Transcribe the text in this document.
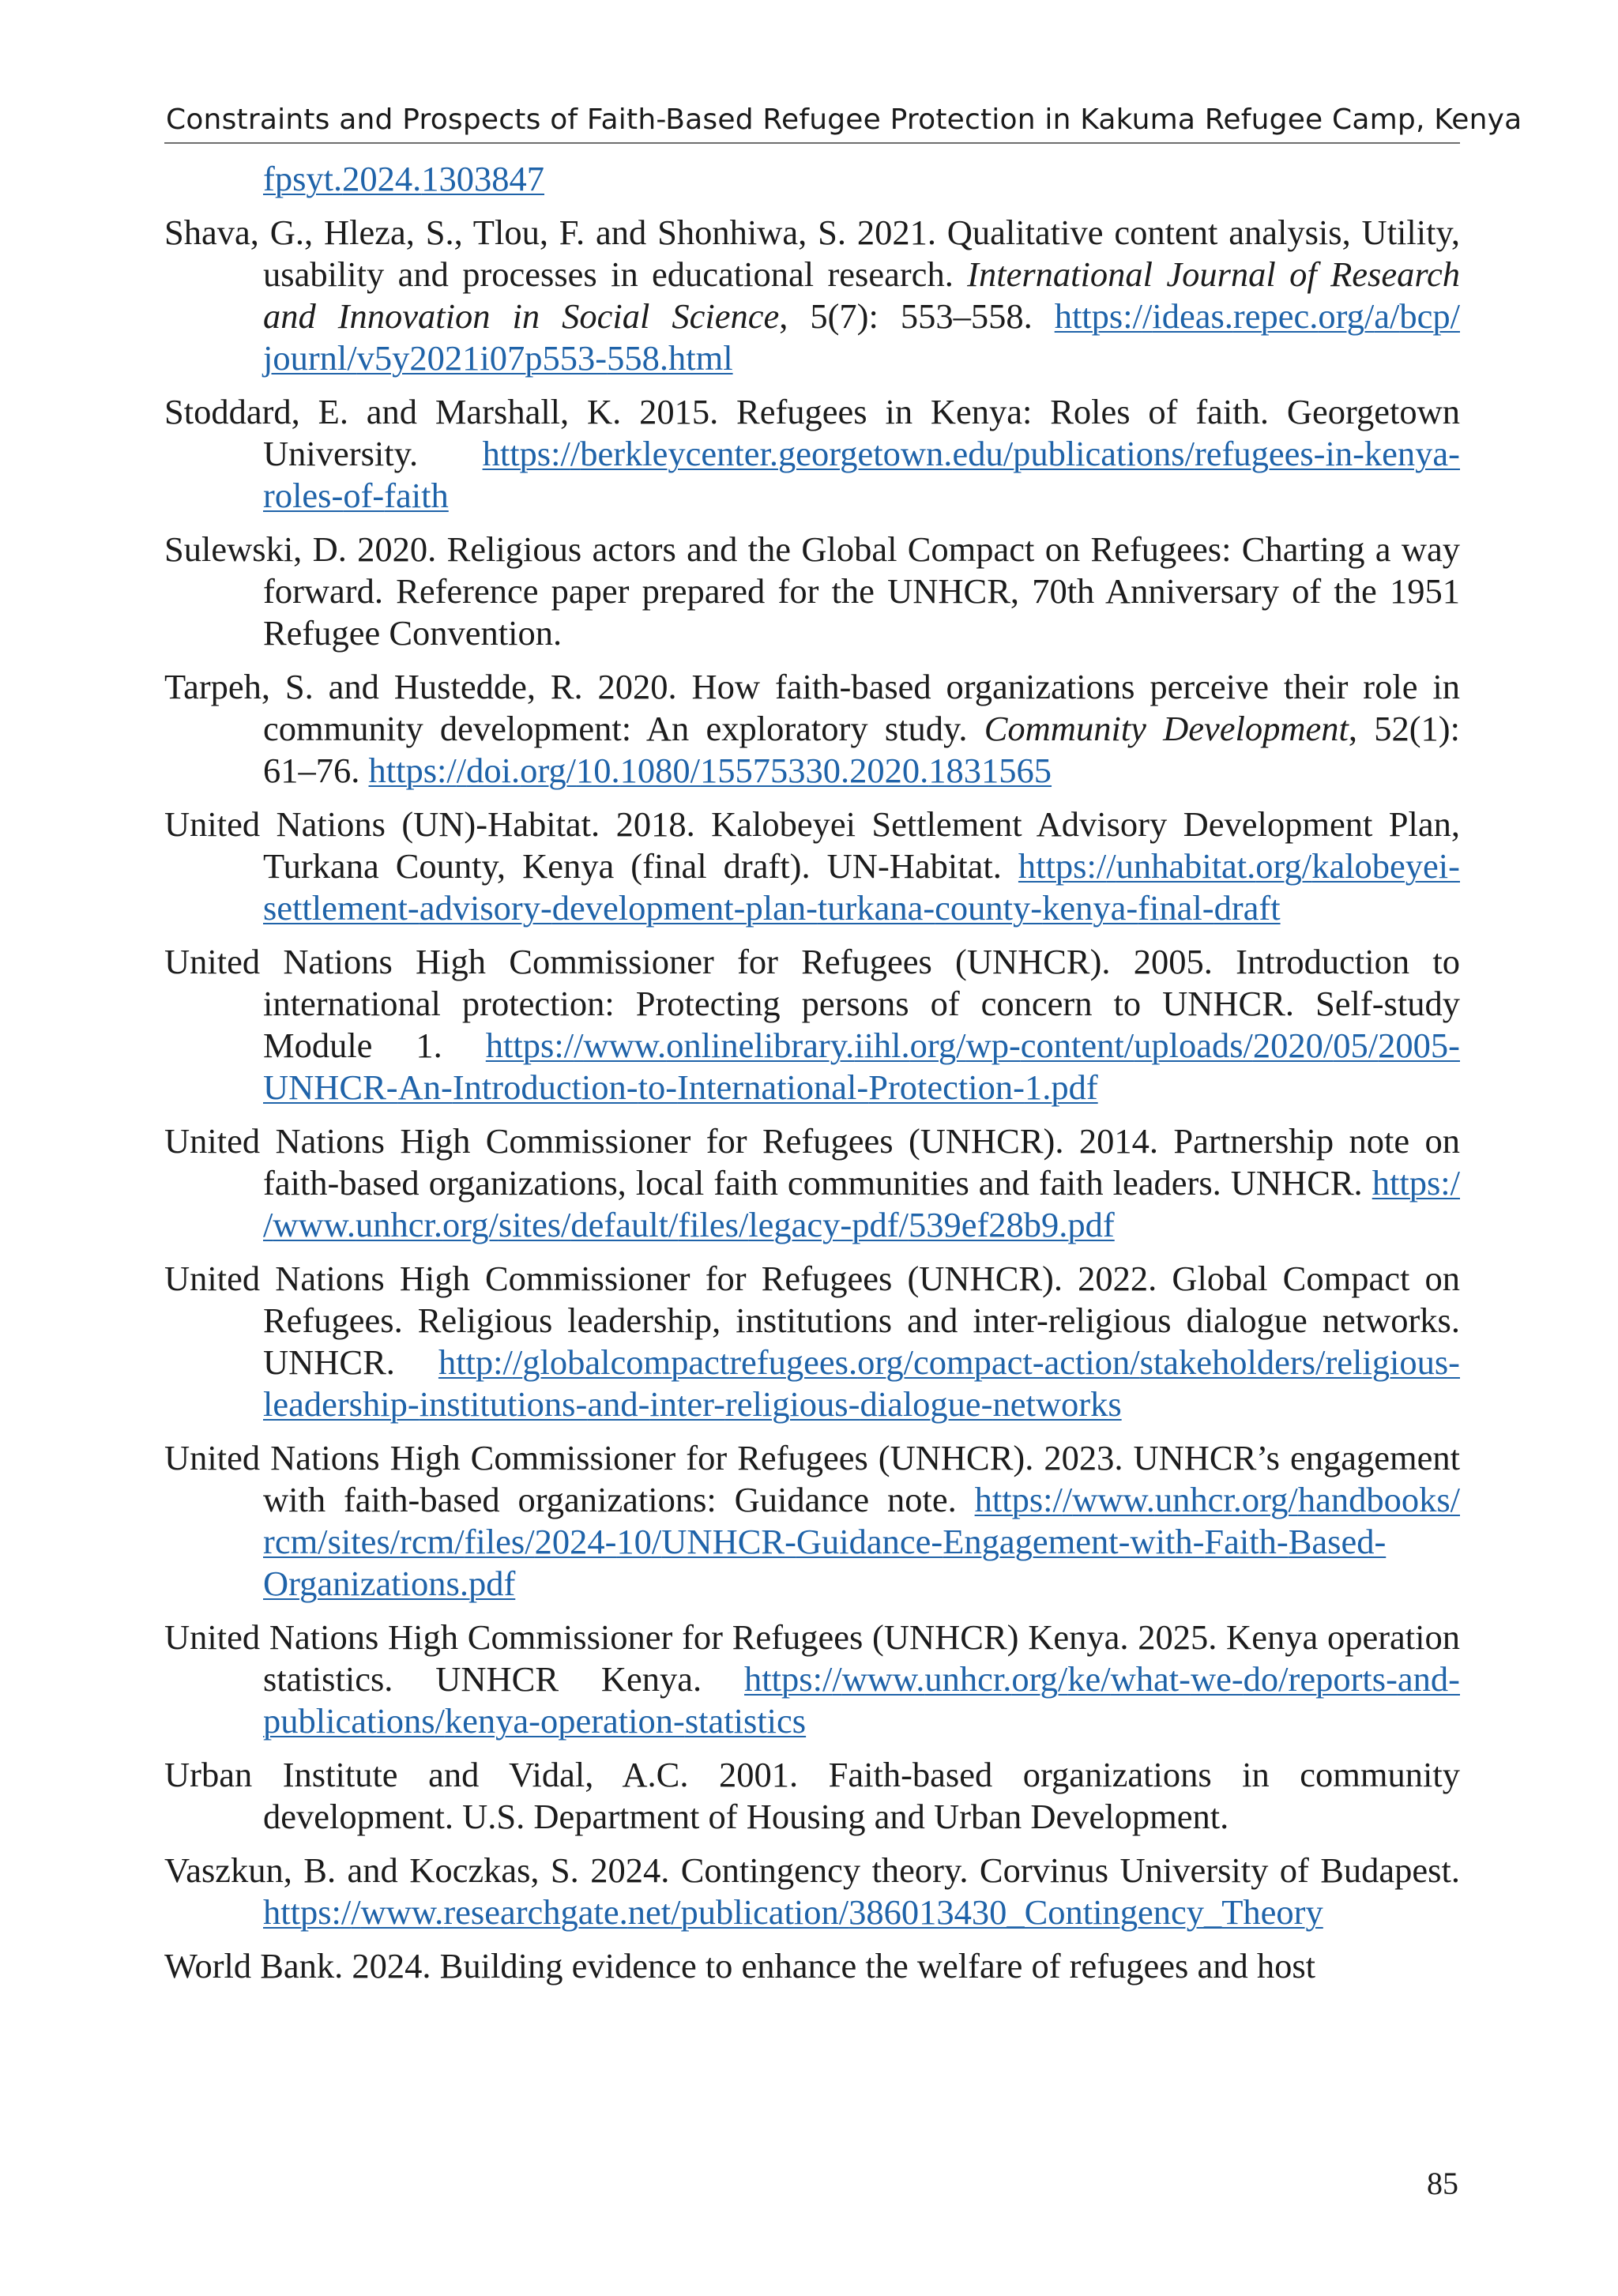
Constraints and Prospects of Faith-Based Refugee Protection in Kakuma Refugee Camp, Kenya

fpsyt.2024.1303847

Shava, G., Hleza, S., Tlou, F. and Shonhiwa, S. 2021. Qualitative content analysis, Utility, usability and processes in educational research. International Journal of Research and Innovation in Social Science, 5(7): 553–558. https://ideas.repec.org/a/bcp/journl/v5y2021i07p553-558.html

Stoddard, E. and Marshall, K. 2015. Refugees in Kenya: Roles of faith. Georgetown University. https://berkleycenter.georgetown.edu/publications/refugees-in-kenya-roles-of-faith

Sulewski, D. 2020. Religious actors and the Global Compact on Refugees: Charting a way forward. Reference paper prepared for the UNHCR, 70th Anniversary of the 1951 Refugee Convention.

Tarpeh, S. and Hustedde, R. 2020. How faith-based organizations perceive their role in community development: An exploratory study. Community Development, 52(1): 61–76. https://doi.org/10.1080/15575330.2020.1831565

United Nations (UN)-Habitat. 2018. Kalobeyei Settlement Advisory Development Plan, Turkana County, Kenya (final draft). UN-Habitat. https://unhabitat.org/kalobeyei-settlement-advisory-development-plan-turkana-county-kenya-final-draft

United Nations High Commissioner for Refugees (UNHCR). 2005. Introduction to international protection: Protecting persons of concern to UNHCR. Self-study Module 1. https://www.onlinelibrary.iihl.org/wp-content/uploads/2020/05/2005-UNHCR-An-Introduction-to-International-Protection-1.pdf

United Nations High Commissioner for Refugees (UNHCR). 2014. Partnership note on faith-based organizations, local faith communities and faith leaders. UNHCR. https://www.unhcr.org/sites/default/files/legacy-pdf/539ef28b9.pdf

United Nations High Commissioner for Refugees (UNHCR). 2022. Global Compact on Refugees. Religious leadership, institutions and inter-religious dialogue networks. UNHCR. http://globalcompactrefugees.org/compact-action/stakeholders/religious-leadership-institutions-and-inter-religious-dialogue-networks

United Nations High Commissioner for Refugees (UNHCR). 2023. UNHCR’s engagement with faith-based organizations: Guidance note. https://www.unhcr.org/handbooks/rcm/sites/rcm/files/2024-10/UNHCR-Guidance-Engagement-with-Faith-Based-Organizations.pdf

United Nations High Commissioner for Refugees (UNHCR) Kenya. 2025. Kenya operation statistics. UNHCR Kenya. https://www.unhcr.org/ke/what-we-do/reports-and-publications/kenya-operation-statistics

Urban Institute and Vidal, A.C. 2001. Faith-based organizations in community development. U.S. Department of Housing and Urban Development.

Vaszkun, B. and Koczkas, S. 2024. Contingency theory. Corvinus University of Budapest. https://www.researchgate.net/publication/386013430_Contingency_Theory

World Bank. 2024. Building evidence to enhance the welfare of refugees and host

85
